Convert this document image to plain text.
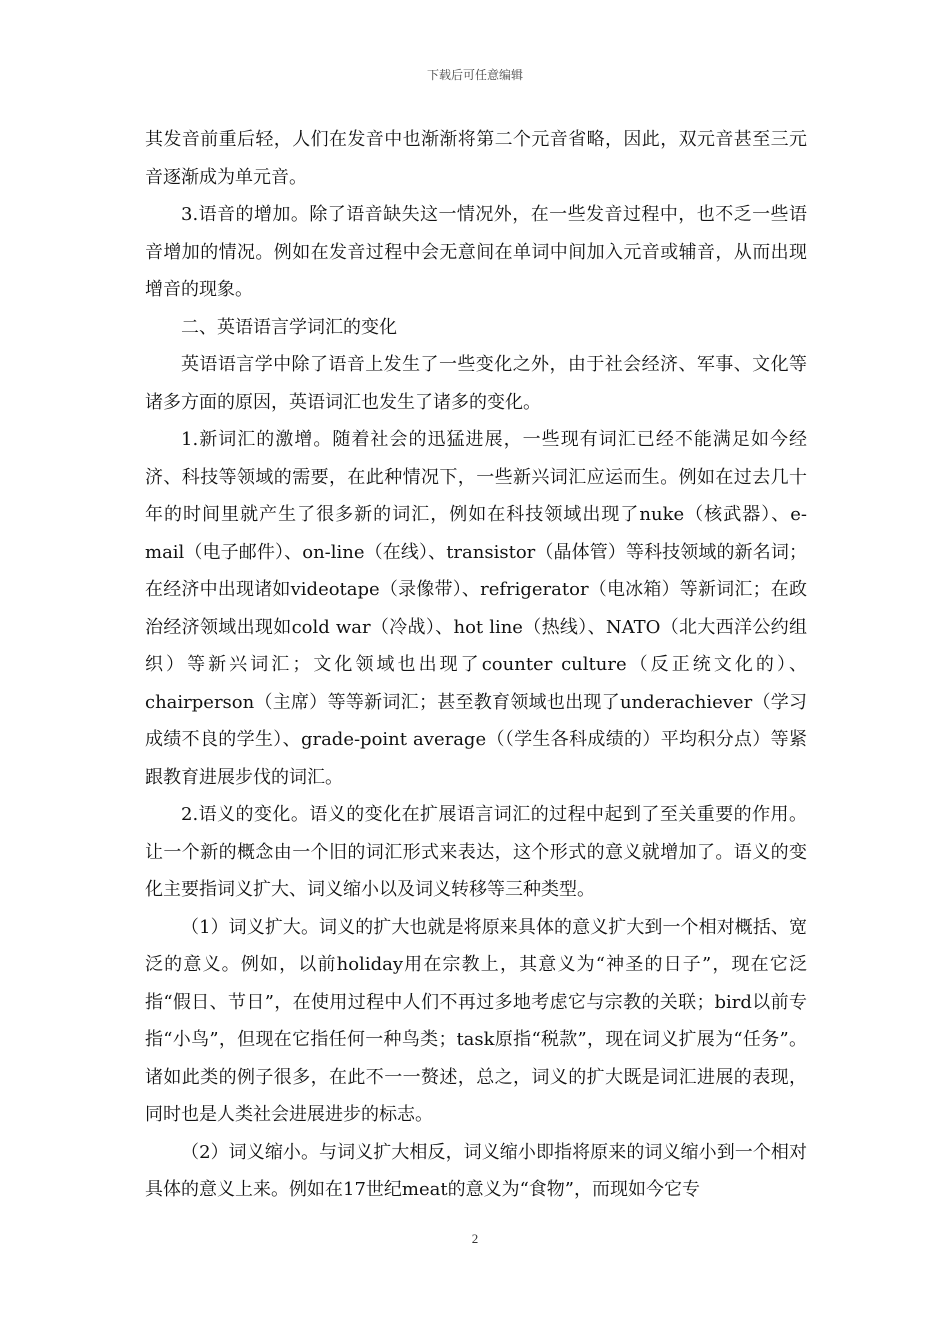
下载后可任意编辑

其发音前重后轻，人们在发音中也渐渐将第二个元音省略，因此，双元音甚至三元音逐渐成为单元音。

3.语音的增加。除了语音缺失这一情况外，在一些发音过程中，也不乏一些语音增加的情况。例如在发音过程中会无意间在单词中间加入元音或辅音，从而出现增音的现象。

二、英语语言学词汇的变化

英语语言学中除了语音上发生了一些变化之外，由于社会经济、军事、文化等诸多方面的原因，英语词汇也发生了诸多的变化。

1.新词汇的激增。随着社会的迅猛进展，一些现有词汇已经不能满足如今经济、科技等领域的需要，在此种情况下，一些新兴词汇应运而生。例如在过去几十年的时间里就产生了很多新的词汇，例如在科技领域出现了nuke（核武器）、e-mail（电子邮件）、on-line（在线）、transistor（晶体管）等科技领域的新名词；在经济中出现诸如videotape（录像带）、refrigerator（电冰箱）等新词汇；在政治经济领域出现如cold war（冷战）、hot line（热线）、NATO（北大西洋公约组织）等新兴词汇；文化领域也出现了counter culture（反正统文化的）、chairperson（主席）等等新词汇；甚至教育领域也出现了underachiever（学习成绩不良的学生）、grade-point average（（学生各科成绩的）平均积分点）等紧跟教育进展步伐的词汇。

2.语义的变化。语义的变化在扩展语言词汇的过程中起到了至关重要的作用。让一个新的概念由一个旧的词汇形式来表达，这个形式的意义就增加了。语义的变化主要指词义扩大、词义缩小以及词义转移等三种类型。

（1）词义扩大。词义的扩大也就是将原来具体的意义扩大到一个相对概括、宽泛的意义。例如，以前holiday用在宗教上，其意义为“神圣的日子”，现在它泛指“假日、节日”，在使用过程中人们不再过多地考虑它与宗教的关联；bird以前专指“小鸟”，但现在它指任何一种鸟类；task原指“税款”，现在词义扩展为“任务”。诸如此类的例子很多，在此不一一赘述，总之，词义的扩大既是词汇进展的表现，同时也是人类社会进展进步的标志。

（2）词义缩小。与词义扩大相反，词义缩小即指将原来的词义缩小到一个相对具体的意义上来。例如在17世纪meat的意义为“食物”，而现如今它专

2
